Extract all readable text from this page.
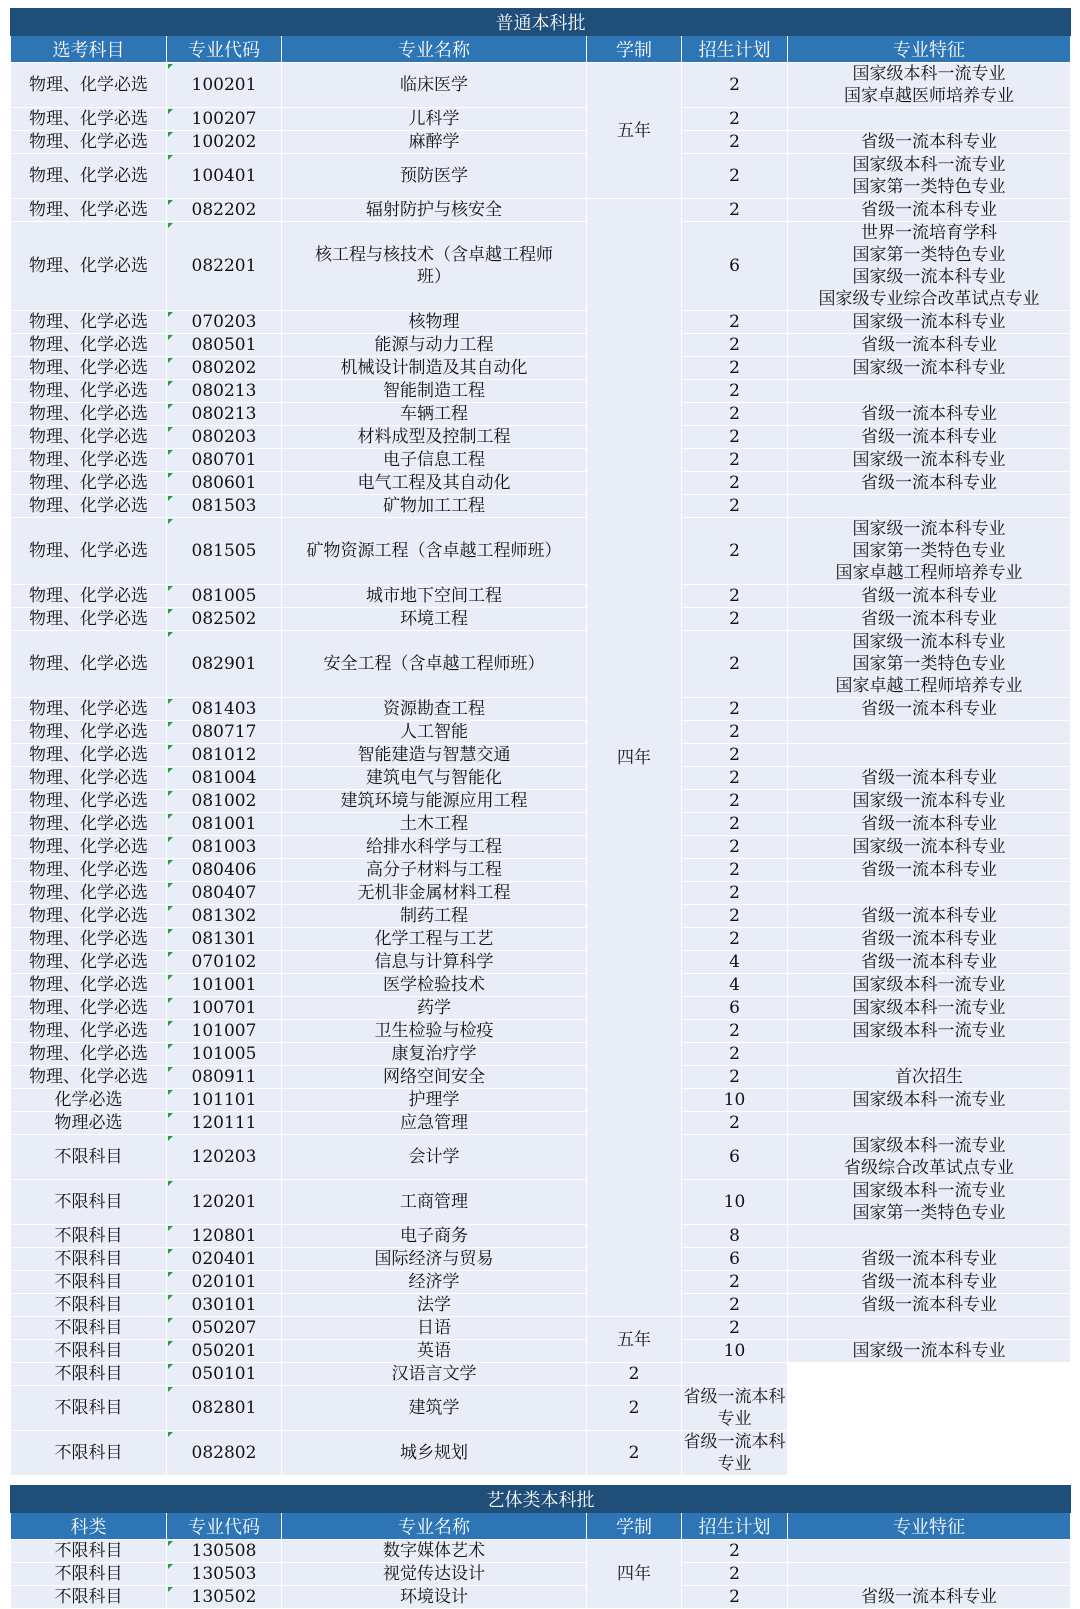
普通本科批					
选考科目	专业代码	专业名称	学制	招生计划	专业特征
物理、化学必选	100201	临床医学	五年	2	国家级本科一流专业
国家卓越医师培养专业

物理、化学必选	100207	儿科学		2	
物理、化学必选	100202	麻醉学		2	省级一流本科专业

物理、化学必选	100401	预防医学		2	国家级本科一流专业
国家第一类特色专业

物理、化学必选	082202	辐射防护与核安全	四年	2	省级一流本科专业

物理、化学必选	082201	核工程与核技术（含卓越工程师
班）		6	世界一流培育学科
国家第一类特色专业
国家级一流本科专业
国家级专业综合改革试点专业

物理、化学必选	070203	核物理		2	国家级一流本科专业

物理、化学必选	080501	能源与动力工程		2	省级一流本科专业

物理、化学必选	080202	机械设计制造及其自动化		2	国家级一流本科专业

物理、化学必选	080213	智能制造工程		2	
物理、化学必选	080213	车辆工程		2	省级一流本科专业

物理、化学必选	080203	材料成型及控制工程		2	省级一流本科专业

物理、化学必选	080701	电子信息工程		2	国家级一流本科专业

物理、化学必选	080601	电气工程及其自动化		2	省级一流本科专业

物理、化学必选	081503	矿物加工工程		2	
物理、化学必选	081505	矿物资源工程（含卓越工程师班）		2	国家级一流本科专业
国家第一类特色专业
国家卓越工程师培养专业

物理、化学必选	081005	城市地下空间工程		2	省级一流本科专业

物理、化学必选	082502	环境工程		2	省级一流本科专业

物理、化学必选	082901	安全工程（含卓越工程师班）		2	国家级一流本科专业
国家第一类特色专业
国家卓越工程师培养专业

物理、化学必选	081403	资源勘查工程		2	省级一流本科专业

物理、化学必选	080717	人工智能		2	
物理、化学必选	081012	智能建造与智慧交通		2	
物理、化学必选	081004	建筑电气与智能化		2	省级一流本科专业

物理、化学必选	081002	建筑环境与能源应用工程		2	国家级一流本科专业

物理、化学必选	081001	土木工程		2	省级一流本科专业

物理、化学必选	081003	给排水科学与工程		2	国家级一流本科专业

物理、化学必选	080406	高分子材料与工程		2	省级一流本科专业

物理、化学必选	080407	无机非金属材料工程		2	
物理、化学必选	081302	制药工程		2	省级一流本科专业

物理、化学必选	081301	化学工程与工艺		2	省级一流本科专业

物理、化学必选	070102	信息与计算科学		4	省级一流本科专业

物理、化学必选	101001	医学检验技术		4	国家级本科一流专业

物理、化学必选	100701	药学		6	国家级本科一流专业

物理、化学必选	101007	卫生检验与检疫		2	国家级本科一流专业

物理、化学必选	101005	康复治疗学		2	
物理、化学必选	080911	网络空间安全		2	首次招生

化学必选	101101	护理学		10	国家级本科一流专业

物理必选	120111	应急管理		2	
不限科目	120203	会计学		6	国家级本科一流专业
省级综合改革试点专业

不限科目	120201	工商管理		10	国家级本科一流专业
国家第一类特色专业

不限科目	120801	电子商务		8	
不限科目	020401	国际经济与贸易		6	省级一流本科专业

不限科目	020101	经济学		2	省级一流本科专业

不限科目	030101	法学		2	省级一流本科专业

不限科目	050207	日语	五年	2	
不限科目	050201	英语		10	国家级一流本科专业

不限科目	050101	汉语言文学	2		
不限科目	082801	建筑学	2	省级一流本科专业	

不限科目	082802	城乡规划	2	省级一流本科专业	

艺体类本科批					
科类	专业代码	专业名称	学制	招生计划	专业特征
不限科目	130508	数字媒体艺术	四年	2	
不限科目	130503	视觉传达设计		2	
不限科目	130502	环境设计		2	省级一流本科专业
